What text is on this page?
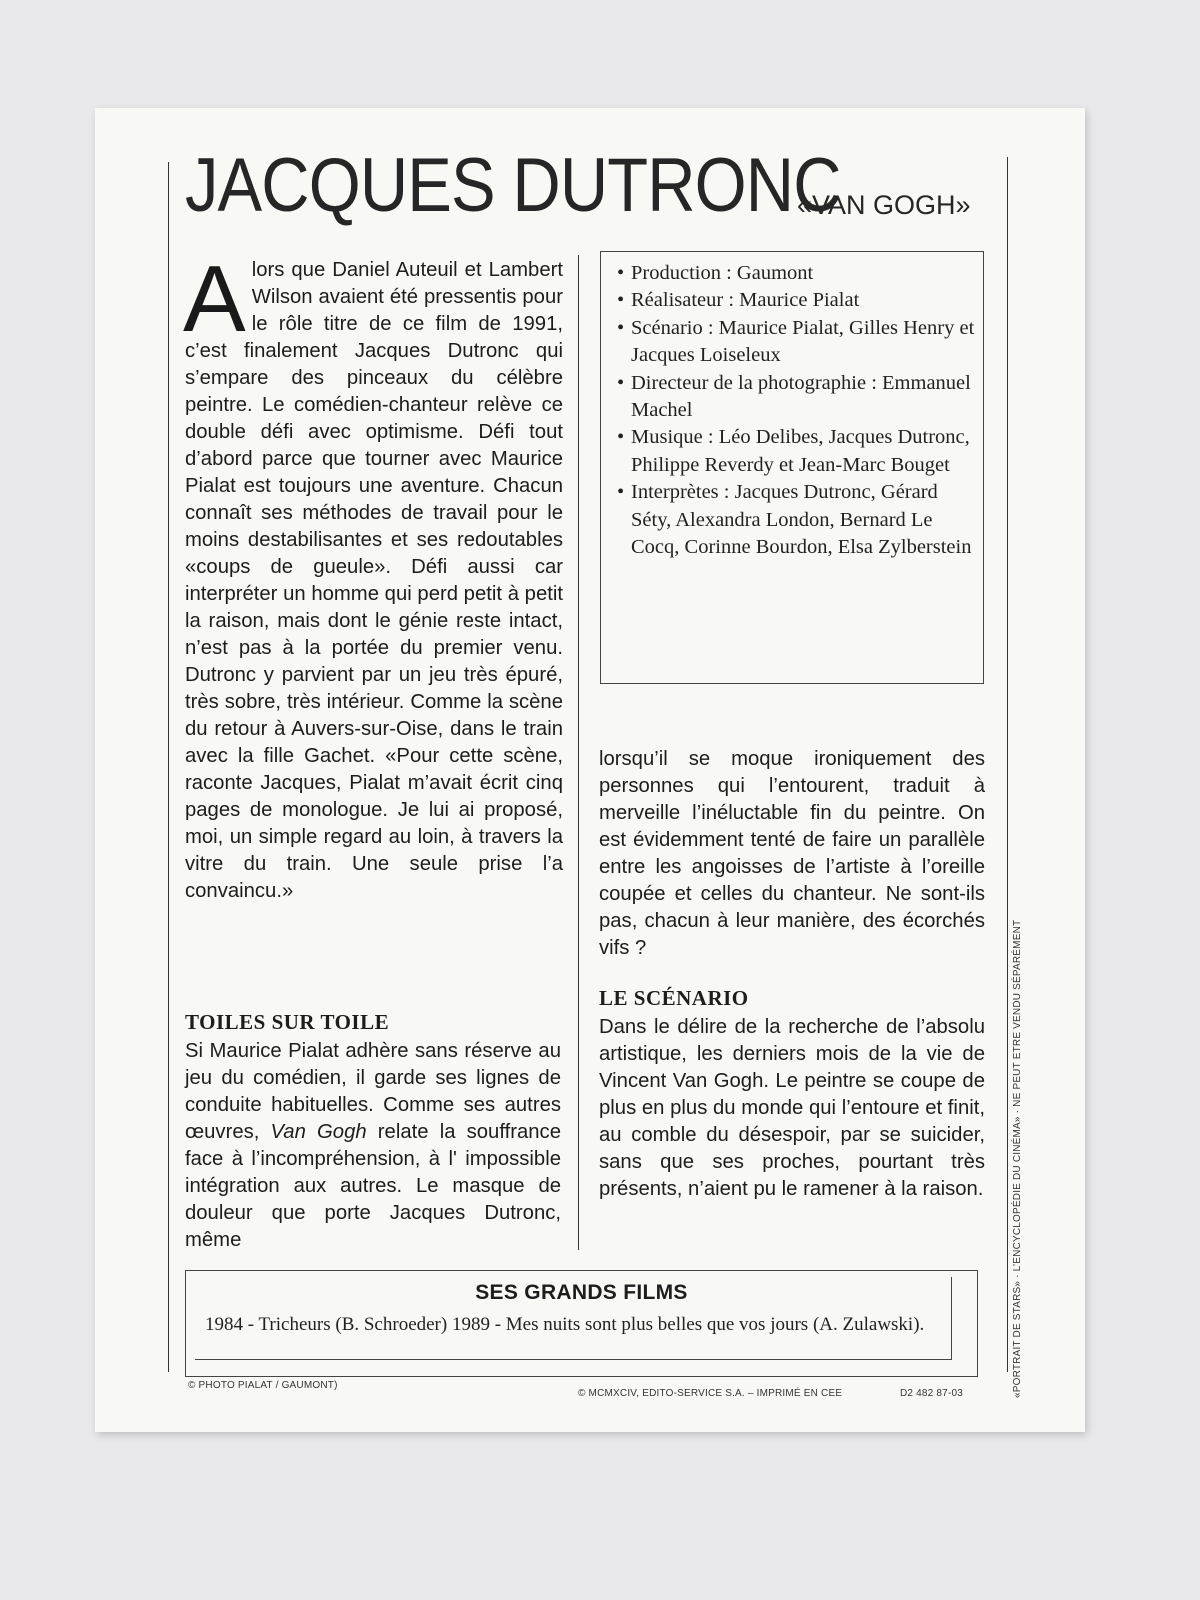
JACQUES DUTRONC
«VAN GOGH»

Alors que Daniel Auteuil et Lambert Wilson avaient été pressentis pour le rôle titre de ce film de 1991, c’est finalement Jacques Dutronc qui s’empare des pinceaux du célèbre peintre. Le comédien-chanteur relève ce double défi avec optimisme. Défi tout d’abord parce que tourner avec Maurice Pialat est toujours une aventure. Chacun connaît ses méthodes de travail pour le moins destabilisantes et ses redoutables «coups de gueule». Défi aussi car interpréter un homme qui perd petit à petit la raison, mais dont le génie reste intact, n’est pas à la portée du premier venu. Dutronc y parvient par un jeu très épuré, très sobre, très intérieur. Comme la scène du retour à Auvers-sur-Oise, dans le train avec la fille Gachet. «Pour cette scène, raconte Jacques, Pialat m’avait écrit cinq pages de monologue. Je lui ai proposé, moi, un simple regard au loin, à travers la vitre du train. Une seule prise l’a convaincu.»

TOILES SUR TOILE

Si Maurice Pialat adhère sans réserve au jeu du comédien, il garde ses lignes de conduite habituelles. Comme ses autres œuvres, Van Gogh relate la souffrance face à l’incompréhension, à l' impossible intégration aux autres. Le masque de douleur que porte Jacques Dutronc, même

• Production : Gaumont
• Réalisateur : Maurice Pialat
• Scénario : Maurice Pialat, Gilles Henry et Jacques Loiseleux
• Directeur de la photographie : Emmanuel Machel
• Musique : Léo Delibes, Jacques Dutronc, Philippe Reverdy et Jean-Marc Bouget
• Interprètes : Jacques Dutronc, Gérard Séty, Alexandra London, Bernard Le Cocq, Corinne Bourdon, Elsa Zylberstein

lorsqu’il se moque ironiquement des personnes qui l’entourent, traduit à merveille l’inéluctable fin du peintre. On est évidemment tenté de faire un parallèle entre les angoisses de l’artiste à l’oreille coupée et celles du chanteur. Ne sont-ils pas, chacun à leur manière, des écorchés vifs ?

LE SCÉNARIO

Dans le délire de la recherche de l’absolu artistique, les derniers mois de la vie de Vincent Van Gogh. Le peintre se coupe de plus en plus du monde qui l’entoure et finit, au comble du désespoir, par se suicider, sans que ses proches, pourtant très présents, n’aient pu le ramener à la raison.

SES GRANDS FILMS
1984 - Tricheurs (B. Schroeder) 1989 - Mes nuits sont plus belles que vos jours (A. Zulawski).
© PHOTO PIALAT / GAUMONT)
© MCMXCIV, EDITO-SERVICE S.A. – IMPRIMÉ EN CEE	D2 482 87-03	«PORTRAIT DE STARS» · L’ENCYCLOPÉDIE DU CINÉMA» · NE PEUT ETRE VENDU SÉPARÉMENT
